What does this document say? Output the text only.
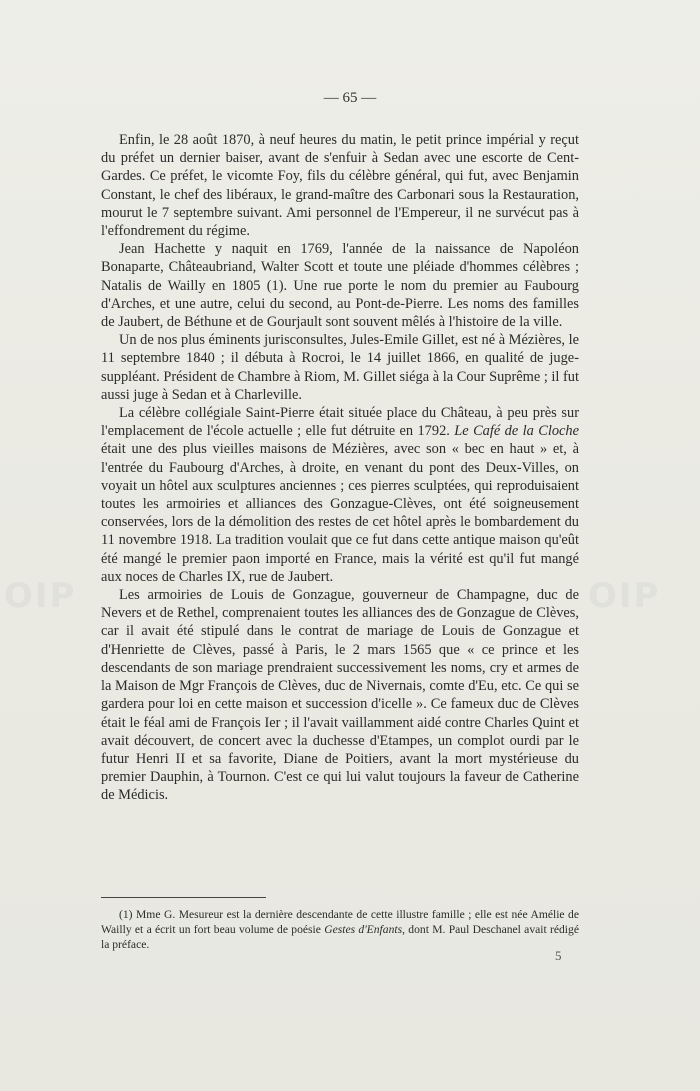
— 65 —

Enfin, le 28 août 1870, à neuf heures du matin, le petit prince impérial y reçut du préfet un dernier baiser, avant de s'enfuir à Sedan avec une escorte de Cent-Gardes. Ce préfet, le vicomte Foy, fils du célèbre général, qui fut, avec Benjamin Constant, le chef des libéraux, le grand-maître des Carbonari sous la Restauration, mourut le 7 septembre suivant. Ami personnel de l'Empereur, il ne survécut pas à l'effondrement du régime.

Jean Hachette y naquit en 1769, l'année de la naissance de Napoléon Bonaparte, Châteaubriand, Walter Scott et toute une pléiade d'hommes célèbres ; Natalis de Wailly en 1805 (1). Une rue porte le nom du premier au Faubourg d'Arches, et une autre, celui du second, au Pont-de-Pierre. Les noms des familles de Jaubert, de Béthune et de Gourjault sont souvent mêlés à l'histoire de la ville.

Un de nos plus éminents jurisconsultes, Jules-Emile Gillet, est né à Mézières, le 11 septembre 1840 ; il débuta à Rocroi, le 14 juillet 1866, en qualité de juge-suppléant. Président de Chambre à Riom, M. Gillet siéga à la Cour Suprême ; il fut aussi juge à Sedan et à Charleville.

La célèbre collégiale Saint-Pierre était située place du Château, à peu près sur l'emplacement de l'école actuelle ; elle fut détruite en 1792. Le Café de la Cloche était une des plus vieilles maisons de Mézières, avec son « bec en haut » et, à l'entrée du Faubourg d'Arches, à droite, en venant du pont des Deux-Villes, on voyait un hôtel aux sculptures anciennes ; ces pierres sculptées, qui reproduisaient toutes les armoiries et alliances des Gonzague-Clèves, ont été soigneusement conservées, lors de la démolition des restes de cet hôtel après le bombardement du 11 novembre 1918. La tradition voulait que ce fut dans cette antique maison qu'eût été mangé le premier paon importé en France, mais la vérité est qu'il fut mangé aux noces de Charles IX, rue de Jaubert.

Les armoiries de Louis de Gonzague, gouverneur de Champagne, duc de Nevers et de Rethel, comprenaient toutes les alliances des de Gonzague de Clèves, car il avait été stipulé dans le contrat de mariage de Louis de Gonzague et d'Henriette de Clèves, passé à Paris, le 2 mars 1565 que « ce prince et les descendants de son mariage prendraient successivement les noms, cry et armes de la Maison de Mgr François de Clèves, duc de Nivernais, comte d'Eu, etc. Ce qui se gardera pour loi en cette maison et succession d'icelle ». Ce fameux duc de Clèves était le féal ami de François Ier ; il l'avait vaillamment aidé contre Charles Quint et avait découvert, de concert avec la duchesse d'Etampes, un complot ourdi par le futur Henri II et sa favorite, Diane de Poitiers, avant la mort mystérieuse du premier Dauphin, à Tournon. C'est ce qui lui valut toujours la faveur de Catherine de Médicis.

(1) Mme G. Mesureur est la dernière descendante de cette illustre famille ; elle est née Amélie de Wailly et a écrit un fort beau volume de poésie Gestes d'Enfants, dont M. Paul Deschanel avait rédigé la préface.

5
OIP	OIP
